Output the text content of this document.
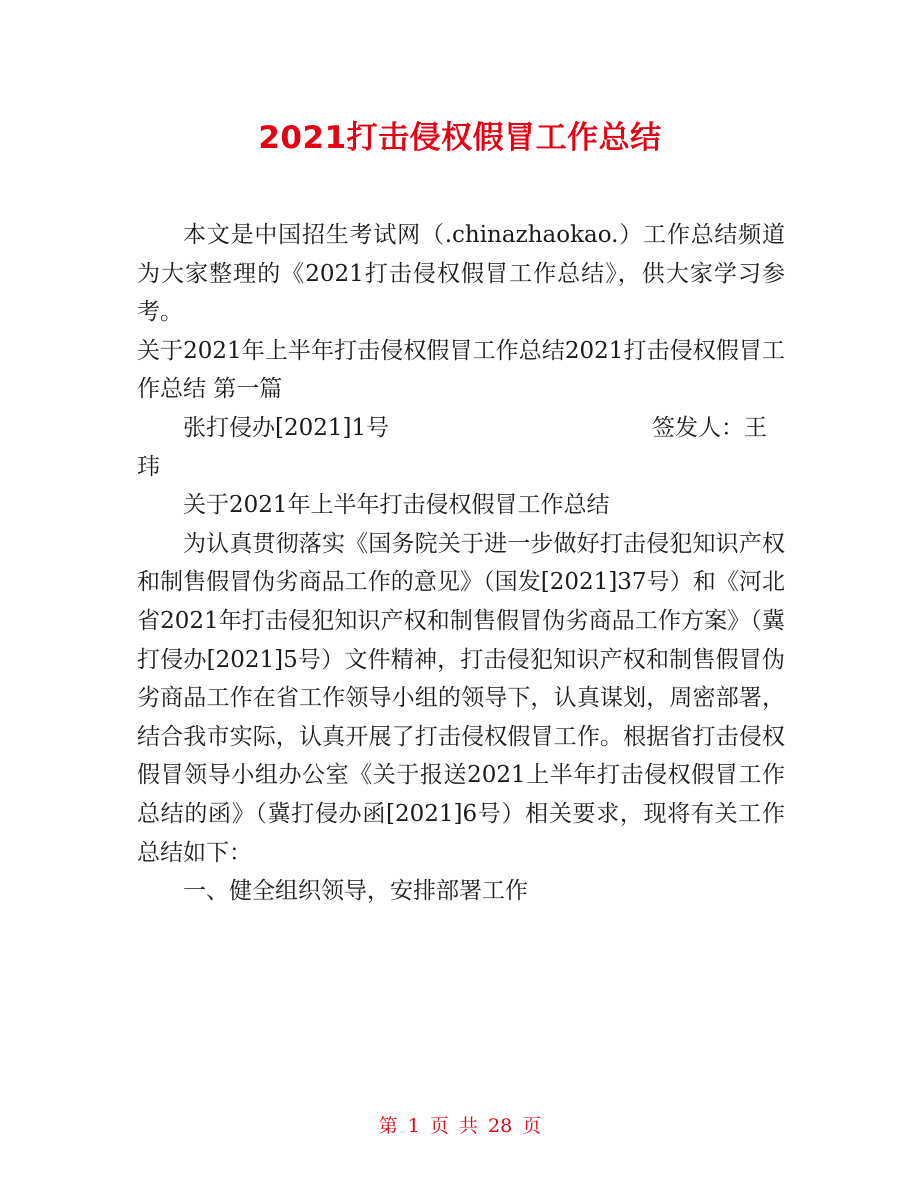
2021打击侵权假冒工作总结

本文是中国招生考试网（.chinazhaokao.）工作总结频道为大家整理的《2021打击侵权假冒工作总结》，供大家学习参考。

关于2021年上半年打击侵权假冒工作总结2021打击侵权假冒工作总结 第一篇

张打侵办[2021]1号	签发人：王

玮

关于2021年上半年打击侵权假冒工作总结

为认真贯彻落实《国务院关于进一步做好打击侵犯知识产权和制售假冒伪劣商品工作的意见》（国发[2021]37号）和《河北省2021年打击侵犯知识产权和制售假冒伪劣商品工作方案》（冀打侵办[2021]5号）文件精神，打击侵犯知识产权和制售假冒伪劣商品工作在省工作领导小组的领导下，认真谋划，周密部署，结合我市实际，认真开展了打击侵权假冒工作。根据省打击侵权假冒领导小组办公室《关于报送2021上半年打击侵权假冒工作总结的函》（冀打侵办函[2021]6号）相关要求，现将有关工作总结如下：

一、健全组织领导，安排部署工作

第 1 页 共 28 页
